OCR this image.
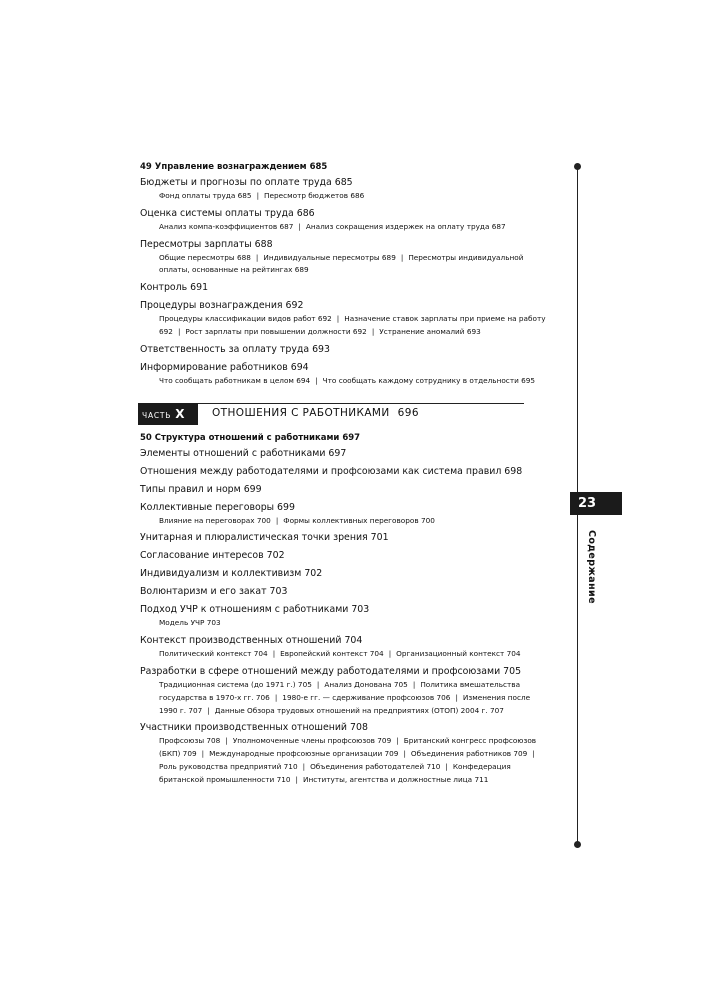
49 Управление вознаграждением 685
Бюджеты и прогнозы по оплате труда 685
Фонд оплаты труда 685 | Пересмотр бюджетов 686
Оценка системы оплаты труда 686
Анализ компа-коэффициентов 687 | Анализ сокращения издержек на оплату труда 687
Пересмотры зарплаты 688
Общие пересмотры 688 | Индивидуальные пересмотры 689 | Пересмотры индивидуальной оплаты, основанные на рейтингах 689
Контроль 691
Процедуры вознаграждения 692
Процедуры классификации видов работ 692 | Назначение ставок зарплаты при приеме на работу 692 | Рост зарплаты при повышении должности 692 | Устранение аномалий 693
Ответственность за оплату труда 693
Информирование работников 694
Что сообщать работникам в целом 694 | Что сообщать каждому сотруднику в отдельности 695
ЧАСТЬ X	ОТНОШЕНИЯ С РАБОТНИКАМИ 696
50 Структура отношений с работниками 697
Элементы отношений с работниками 697
Отношения между работодателями и профсоюзами как система правил 698
Типы правил и норм 699
Коллективные переговоры 699
Влияние на переговорах 700 | Формы коллективных переговоров 700
Унитарная и плюралистическая точки зрения 701
Согласование интересов 702
Индивидуализм и коллективизм 702
Волюнтаризм и его закат 703
Подход УЧР к отношениям с работниками 703
Модель УЧР 703
Контекст производственных отношений 704
Политический контекст 704 | Европейский контекст 704 | Организационный контекст 704
Разработки в сфере отношений между работодателями и профсоюзами 705
Традиционная система (до 1971 г.) 705 | Анализ Донована 705 | Политика вмешательства государства в 1970-х гг. 706 | 1980-е гг. — сдерживание профсоюзов 706 | Изменения после 1990 г. 707 | Данные Обзора трудовых отношений на предприятиях (ОТОП) 2004 г. 707
Участники производственных отношений 708
Профсоюзы 708 | Уполномоченные члены профсоюзов 709 | Британский конгресс профсоюзов (БКП) 709 | Международные профсоюзные организации 709 | Объединения работников 709 |Роль руководства предприятий 710 | Объединения работодателей 710 | Конфедерация британской промышленности 710 | Институты, агентства и должностные лица 711
23
Содержание
